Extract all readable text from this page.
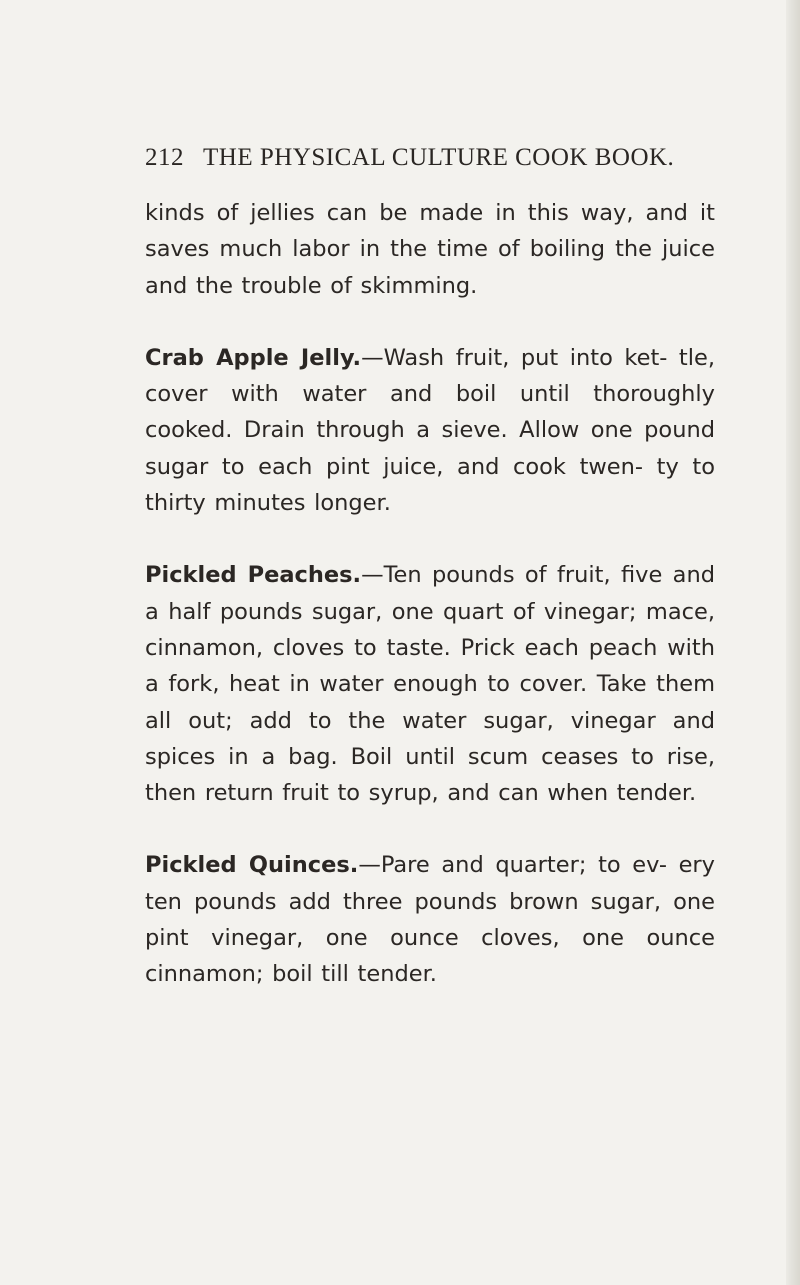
212 THE PHYSICAL CULTURE COOK BOOK.

kinds of jellies can be made in this way, and it saves much labor in the time of boiling the juice and the trouble of skimming.

Crab Apple Jelly.—Wash fruit, put into ket- tle, cover with water and boil until thoroughly cooked. Drain through a sieve. Allow one pound sugar to each pint juice, and cook twen- ty to thirty minutes longer.

Pickled Peaches.—Ten pounds of fruit, five and a half pounds sugar, one quart of vinegar; mace, cinnamon, cloves to taste. Prick each peach with a fork, heat in water enough to cover. Take them all out; add to the water sugar, vinegar and spices in a bag. Boil until scum ceases to rise, then return fruit to syrup, and can when tender.

Pickled Quinces.—Pare and quarter; to ev- ery ten pounds add three pounds brown sugar, one pint vinegar, one ounce cloves, one ounce cinnamon; boil till tender.
